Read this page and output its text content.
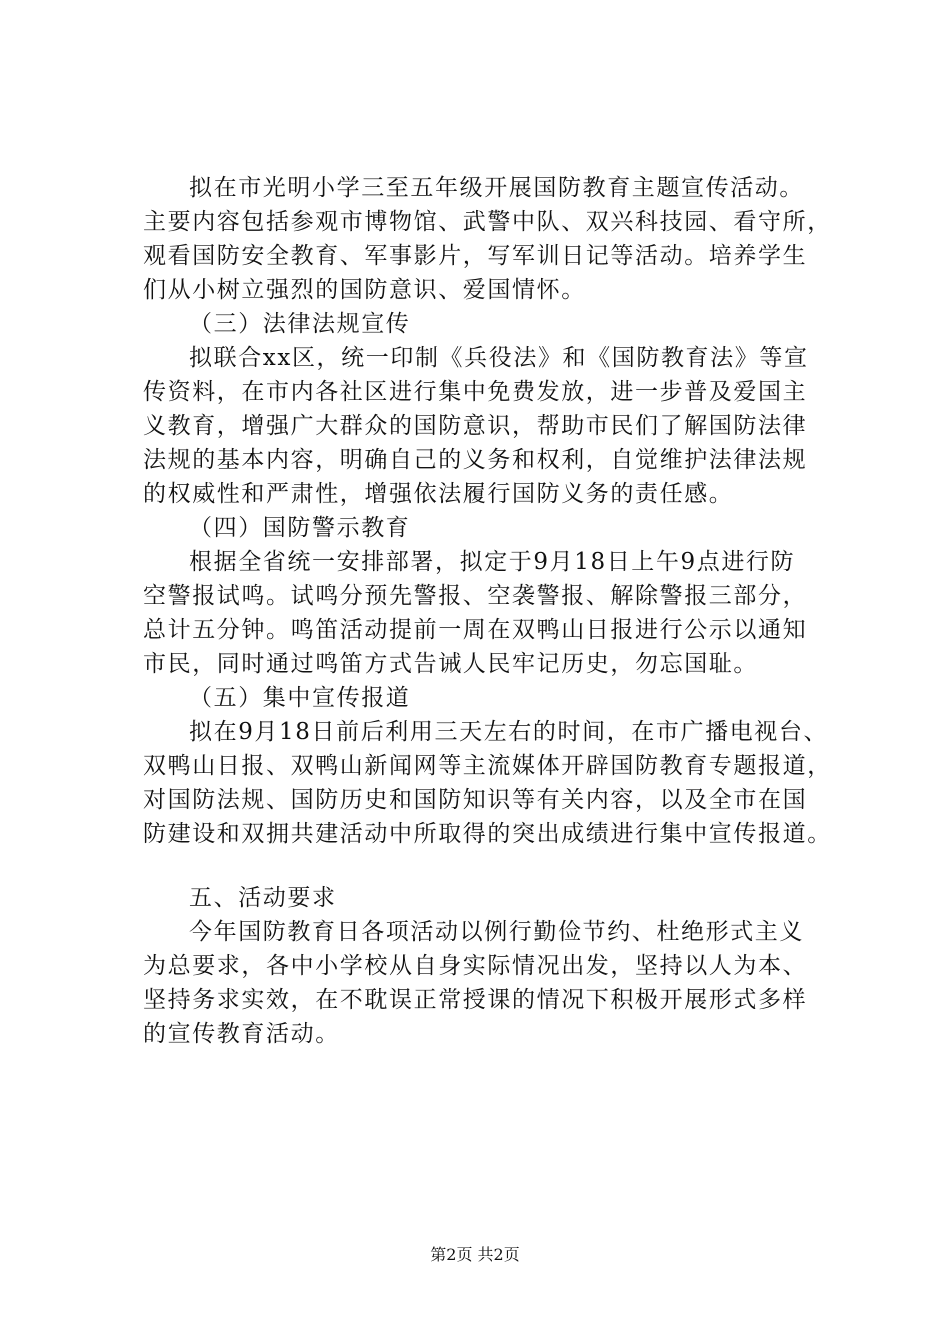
拟在市光明小学三至五年级开展国防教育主题宣传活动。
主要内容包括参观市博物馆、武警中队、双兴科技园、看守所，
观看国防安全教育、军事影片，写军训日记等活动。培养学生
们从小树立强烈的国防意识、爱国情怀。
（三）法律法规宣传
拟联合xx区，统一印制《兵役法》和《国防教育法》等宣
传资料，在市内各社区进行集中免费发放，进一步普及爱国主
义教育，增强广大群众的国防意识，帮助市民们了解国防法律
法规的基本内容，明确自己的义务和权利，自觉维护法律法规
的权威性和严肃性，增强依法履行国防义务的责任感。
（四）国防警示教育
根据全省统一安排部署，拟定于9月18日上午9点进行防
空警报试鸣。试鸣分预先警报、空袭警报、解除警报三部分，
总计五分钟。鸣笛活动提前一周在双鸭山日报进行公示以通知
市民，同时通过鸣笛方式告诫人民牢记历史，勿忘国耻。
（五）集中宣传报道
拟在9月18日前后利用三天左右的时间，在市广播电视台、
双鸭山日报、双鸭山新闻网等主流媒体开辟国防教育专题报道，
对国防法规、国防历史和国防知识等有关内容，以及全市在国
防建设和双拥共建活动中所取得的突出成绩进行集中宣传报道。
五、活动要求
今年国防教育日各项活动以例行勤俭节约、杜绝形式主义
为总要求，各中小学校从自身实际情况出发，坚持以人为本、
坚持务求实效，在不耽误正常授课的情况下积极开展形式多样
的宣传教育活动。
第2页 共2页
